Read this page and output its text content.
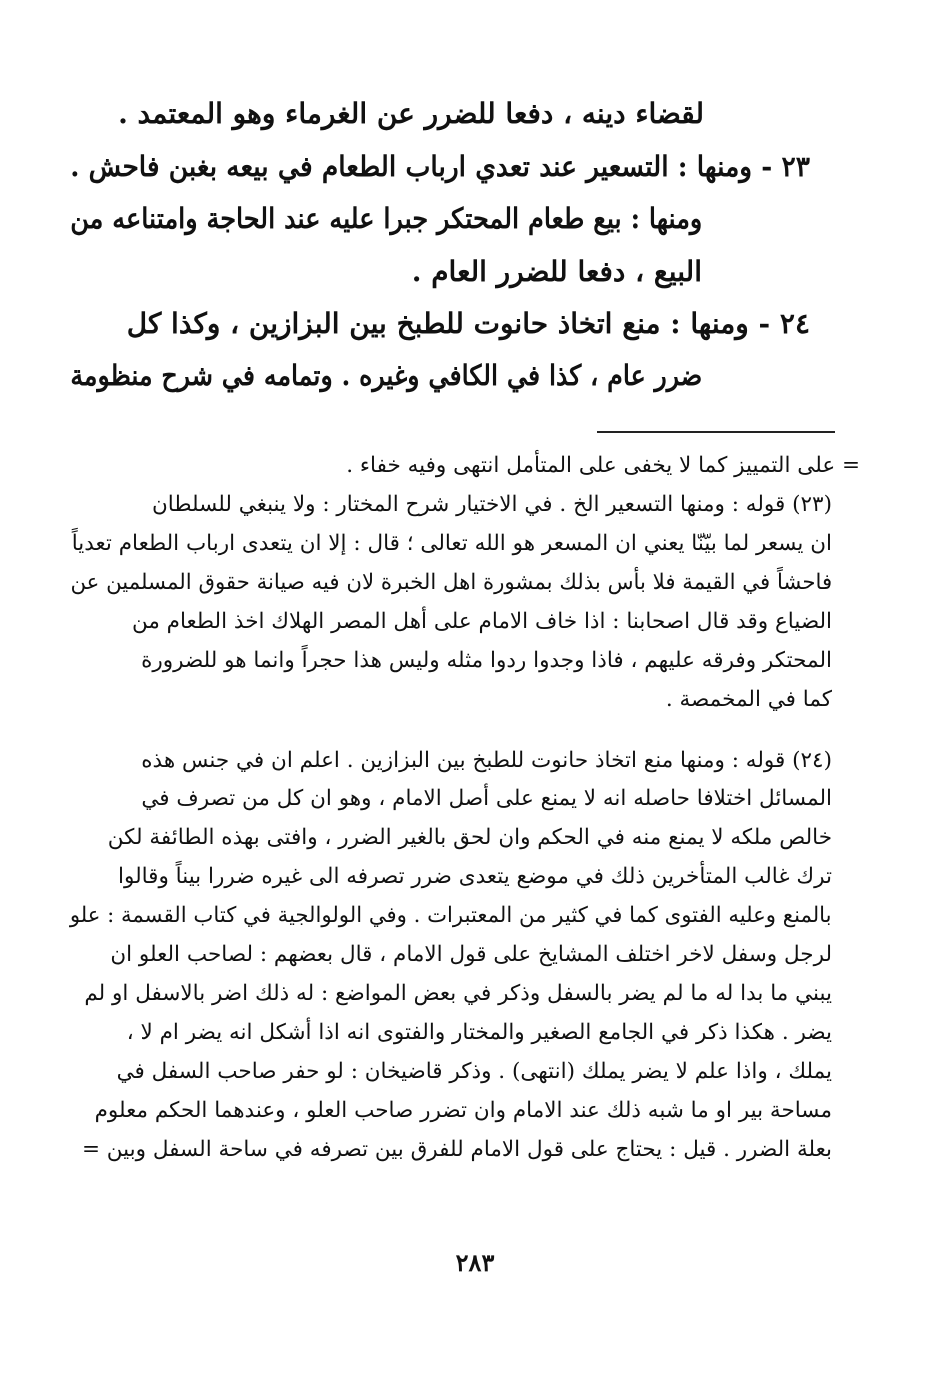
لقضاء دينه ، دفعا للضرر عن الغرماء وهو المعتمد .
٢٣ - ومنها : التسعير عند تعدي ارباب الطعام في بيعه بغبن فاحش .
ومنها : بيع طعام المحتكر جبرا عليه عند الحاجة وامتناعه من
البيع ، دفعا للضرر العام .
٢٤ - ومنها : منع اتخاذ حانوت للطبخ بين البزازين ، وكذا كل
ضرر عام ، كذا في الكافي وغيره . وتمامه في شرح منظومة
= على التمييز كما لا يخفى على المتأمل انتهى وفيه خفاء .
(٢٣) قوله : ومنها التسعير الخ . في الاختيار شرح المختار : ولا ينبغي للسلطان
ان يسعر لما بيّنّا يعني ان المسعر هو الله تعالى ؛ قال : إلا ان يتعدى ارباب الطعام تعدياً
فاحشاً في القيمة فلا بأس بذلك بمشورة اهل الخبرة لان فيه صيانة حقوق المسلمين عن
الضياع وقد قال اصحابنا : اذا خاف الامام على أهل المصر الهلاك اخذ الطعام من
المحتكر وفرقه عليهم ، فاذا وجدوا ردوا مثله وليس هذا حجراً وانما هو للضرورة
كما في المخمصة .
(٢٤) قوله : ومنها منع اتخاذ حانوت للطبخ بين البزازين . اعلم ان في جنس هذه
المسائل اختلافا حاصله انه لا يمنع على أصل الامام ، وهو ان كل من تصرف في
خالص ملكه لا يمنع منه في الحكم وان لحق بالغير الضرر ، وافتى بهذه الطائفة لكن
ترك غالب المتأخرين ذلك في موضع يتعدى ضرر تصرفه الى غيره ضررا بيناً وقالوا
بالمنع وعليه الفتوى كما في كثير من المعتبرات . وفي الولوالجية في كتاب القسمة : علو
لرجل وسفل لاخر اختلف المشايخ على قول الامام ، قال بعضهم : لصاحب العلو ان
يبني ما بدا له ما لم يضر بالسفل وذكر في بعض المواضع : له ذلك اضر بالاسفل او لم
يضر . هكذا ذكر في الجامع الصغير والمختار والفتوى انه اذا أشكل انه يضر ام لا ،
يملك ، واذا علم لا يضر يملك (انتهى) . وذكر قاضيخان : لو حفر صاحب السفل في
مساحة بير او ما شبه ذلك عند الامام وان تضرر صاحب العلو ، وعندهما الحكم معلوم
بعلة الضرر . قيل : يحتاج على قول الامام للفرق بين تصرفه في ساحة السفل وبين =
٢٨٣
